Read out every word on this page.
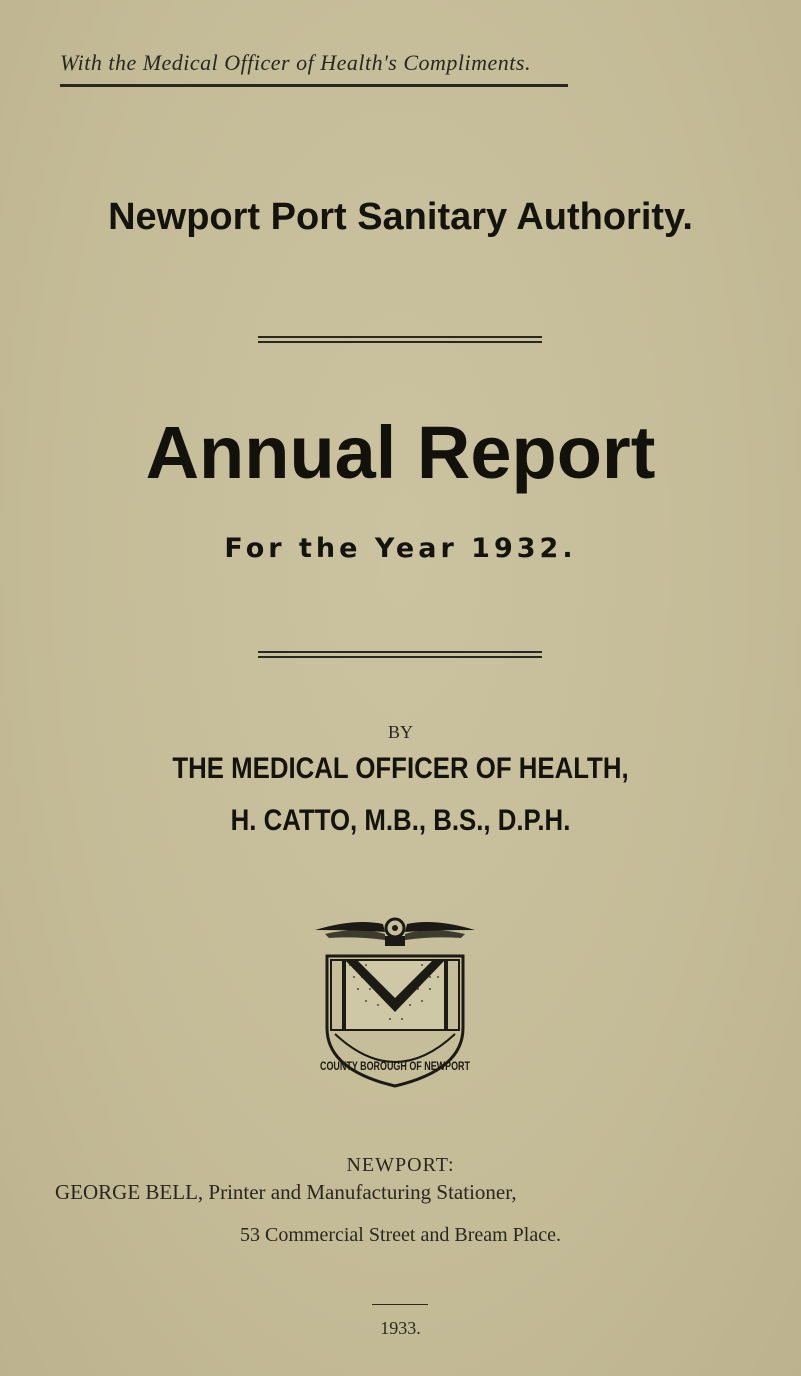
With the Medical Officer of Health's Compliments.
Newport Port Sanitary Authority.
Annual Report
For the Year 1932.
BY
THE MEDICAL OFFICER OF HEALTH,
H. CATTO, M.B., B.S., D.P.H.
COUNTY BOROUGH OF NEWPORT
NEWPORT:
GEORGE BELL, Printer and Manufacturing Stationer,
53 Commercial Street and Bream Place.
1933.
